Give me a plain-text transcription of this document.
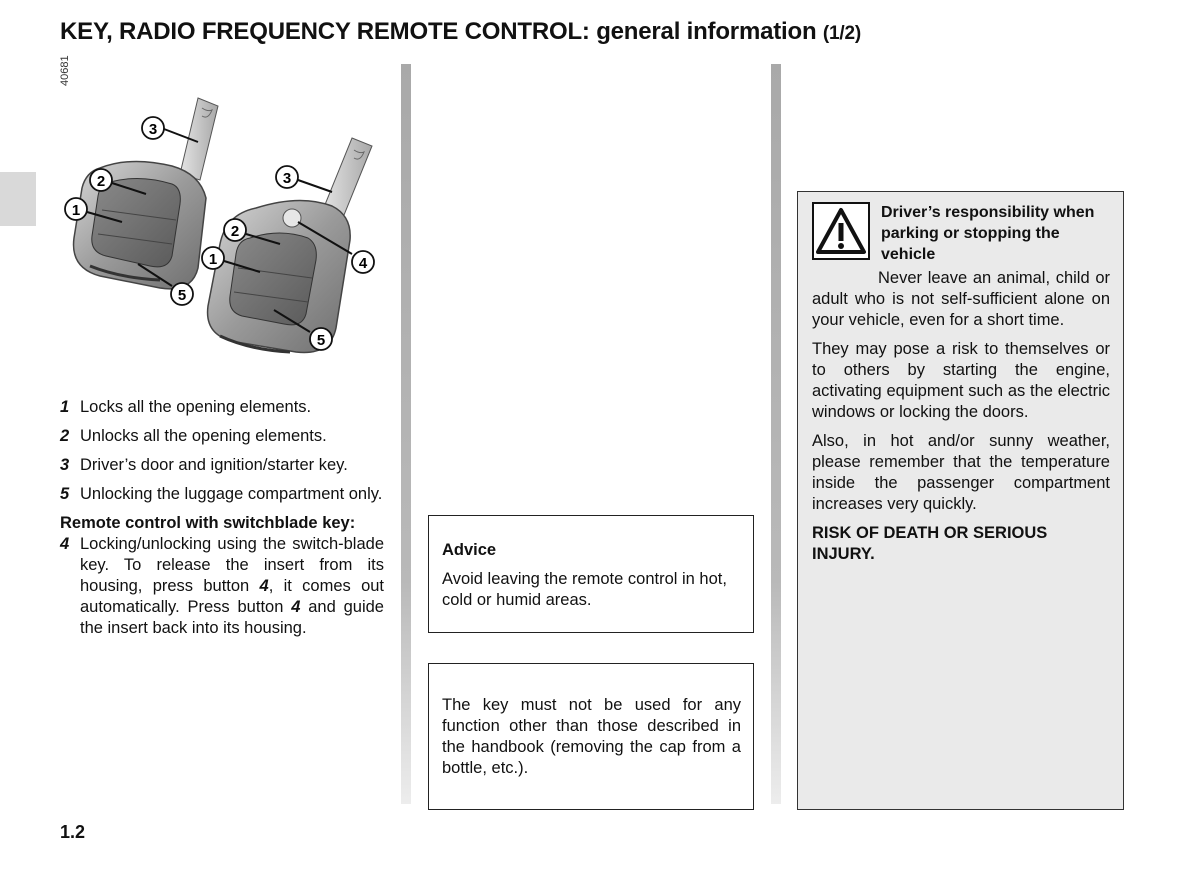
KEY, RADIO FREQUENCY REMOTE CONTROL: general information (1/2)
40681
3
2
1
5
3
2
1	4
5
1 Locks all the opening elements.
2 Unlocks all the opening elements.
3 Driver’s door and ignition/starter key.
5 Unlocking the luggage compartment only.
Remote control with switchblade key:
4 Locking/unlocking using the switch-blade key. To release the insert from its housing, press button 4, it comes out automatically. Press button 4 and guide the insert back into its housing.
Advice
Avoid leaving the remote control in hot, cold or humid areas.
The key must not be used for any function other than those described in the handbook (removing the cap from a bottle, etc.).
Driver’s responsibility when parking or stopping the vehicle

Never leave an animal, child or adult who is not self-sufficient alone on your vehicle, even for a short time.

They may pose a risk to themselves or to others by starting the engine, activating equipment such as the electric windows or locking the doors.

Also, in hot and/or sunny weather, please remember that the temperature inside the passenger compartment increases very quickly.

RISK OF DEATH OR SERIOUS INJURY.

1.2
